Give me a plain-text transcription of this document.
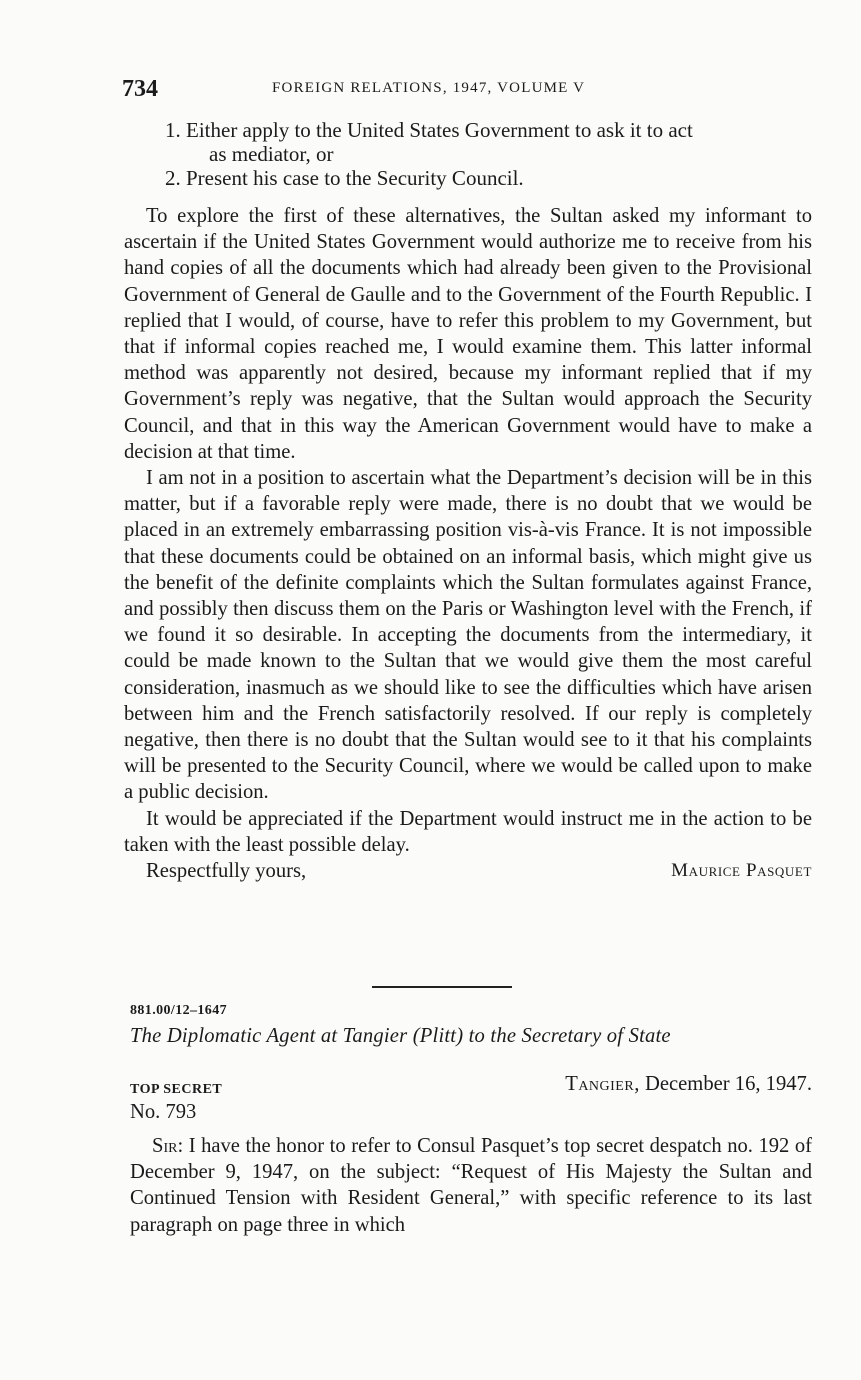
734	FOREIGN RELATIONS, 1947, VOLUME V
1. Either apply to the United States Government to ask it to act
as mediator, or
2. Present his case to the Security Council.

To explore the first of these alternatives, the Sultan asked my informant to ascertain if the United States Government would authorize me to receive from his hand copies of all the documents which had already been given to the Provisional Government of General de Gaulle and to the Government of the Fourth Republic. I replied that I would, of course, have to refer this problem to my Government, but that if informal copies reached me, I would examine them. This latter informal method was apparently not desired, because my informant replied that if my Government’s reply was negative, that the Sultan would approach the Security Council, and that in this way the American Government would have to make a decision at that time.

I am not in a position to ascertain what the Department’s decision will be in this matter, but if a favorable reply were made, there is no doubt that we would be placed in an extremely embarrassing position vis-à-vis France. It is not impossible that these documents could be obtained on an informal basis, which might give us the benefit of the definite complaints which the Sultan formulates against France, and possibly then discuss them on the Paris or Washington level with the French, if we found it so desirable. In accepting the documents from the intermediary, it could be made known to the Sultan that we would give them the most careful consideration, inasmuch as we should like to see the difficulties which have arisen between him and the French satisfactorily resolved. If our reply is completely negative, then there is no doubt that the Sultan would see to it that his complaints will be presented to the Security Council, where we would be called upon to make a public decision.

It would be appreciated if the Department would instruct me in the action to be taken with the least possible delay.

Respectfully yours,	Maurice Pasquet
881.00/12–1647
The Diplomatic Agent at Tangier (Plitt) to the Secretary of State
TOP SECRET	Tangier, December 16, 1947.
No. 793

Sir: I have the honor to refer to Consul Pasquet’s top secret despatch no. 192 of December 9, 1947, on the subject: “Request of His Majesty the Sultan and Continued Tension with Resident General,” with specific reference to its last paragraph on page three in which
